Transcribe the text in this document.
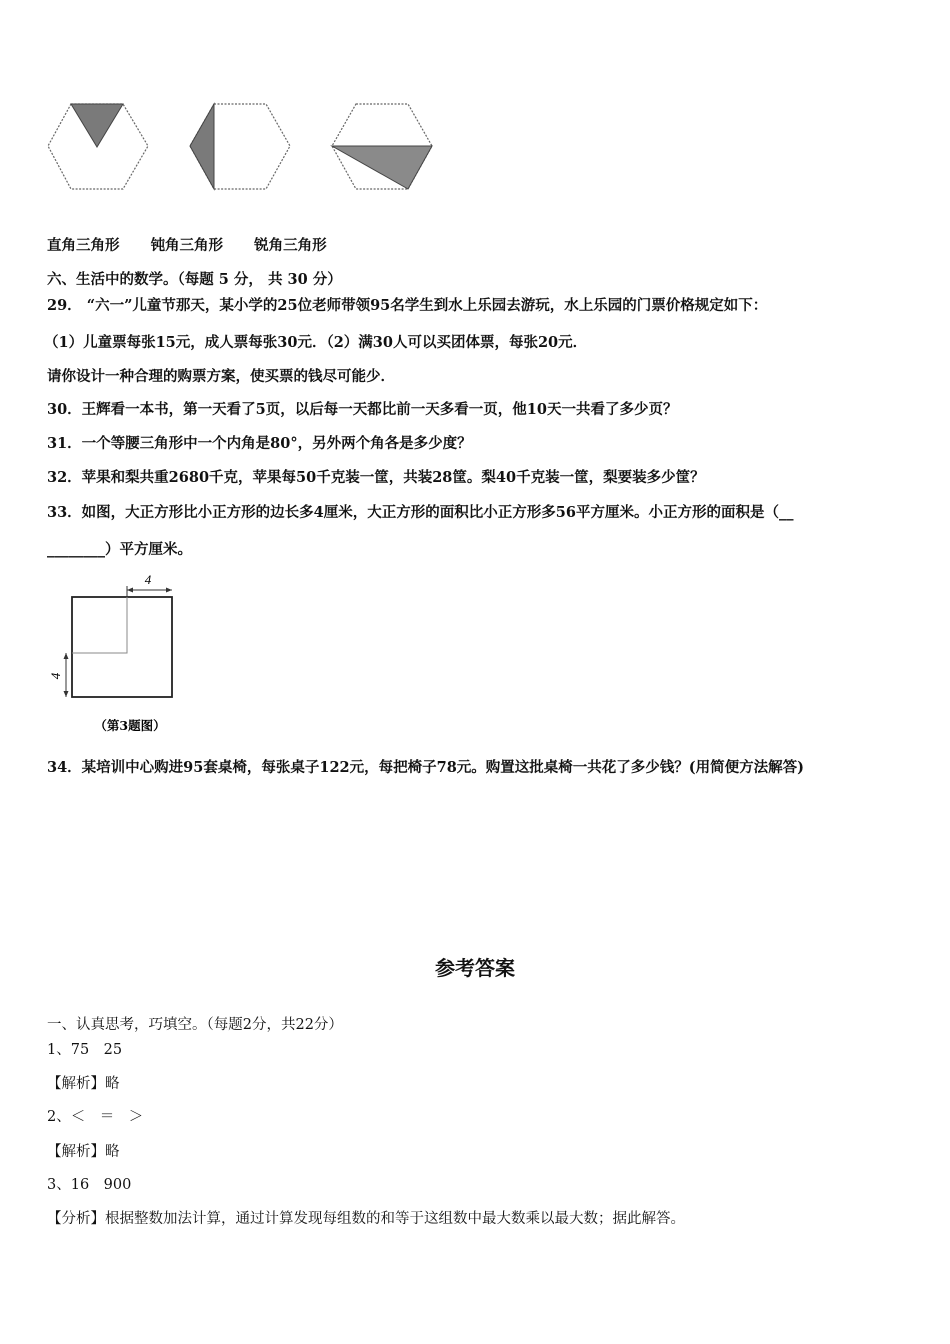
直角三角形 钝角三角形 锐角三角形
六、生活中的数学。（每题 5 分， 共 30 分）
29． “六一”儿童节那天，某小学的25位老师带领95名学生到水上乐园去游玩，水上乐园的门票价格规定如下：
（1）儿童票每张15元，成人票每张30元．（2）满30人可以买团体票，每张20元．
请你设计一种合理的购票方案，使买票的钱尽可能少．
30．王辉看一本书，第一天看了5页，以后每一天都比前一天多看一页，他10天一共看了多少页？
31．一个等腰三角形中一个内角是80°，另外两个角各是多少度？
32．苹果和梨共重2680千克，苹果每50千克装一筐，共装28筐。梨40千克装一筐，梨要装多少筐？
33．如图，大正方形比小正方形的边长多4厘米，大正方形的面积比小正方形多56平方厘米。小正方形的面积是（__
________）平方厘米。
4
4
（第3题图）
34．某培训中心购进95套桌椅，每张桌子122元，每把椅子78元。购置这批桌椅一共花了多少钱？(用简便方法解答)
参考答案
一、认真思考，巧填空。（每题2分，共22分）
1、75　25
【解析】略
2、＜　＝　＞
【解析】略
3、16　900
【分析】根据整数加法计算，通过计算发现每组数的和等于这组数中最大数乘以最大数；据此解答。
